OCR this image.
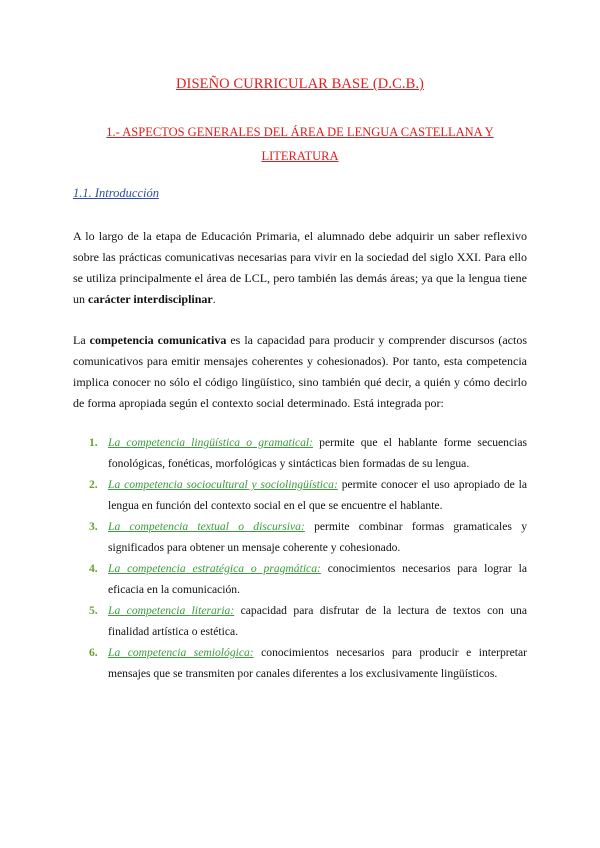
DISEÑO CURRICULAR BASE (D.C.B.)
1.- ASPECTOS GENERALES DEL ÁREA DE LENGUA CASTELLANA Y LITERATURA
1.1. Introducción

A lo largo de la etapa de Educación Primaria, el alumnado debe adquirir un saber reflexivo sobre las prácticas comunicativas necesarias para vivir en la sociedad del siglo XXI. Para ello se utiliza principalmente el área de LCL, pero también las demás áreas; ya que la lengua tiene un carácter interdisciplinar.

La competencia comunicativa es la capacidad para producir y comprender discursos (actos comunicativos para emitir mensajes coherentes y cohesionados). Por tanto, esta competencia implica conocer no sólo el código lingüístico, sino también qué decir, a quién y cómo decirlo de forma apropiada según el contexto social determinado. Está integrada por:

1. La competencia lingüística o gramatical: permite que el hablante forme secuencias fonológicas, fonéticas, morfológicas y sintácticas bien formadas de su lengua.
2. La competencia sociocultural y sociolingüística: permite conocer el uso apropiado de la lengua en función del contexto social en el que se encuentre el hablante.
3. La competencia textual o discursiva: permite combinar formas gramaticales y significados para obtener un mensaje coherente y cohesionado.
4. La competencia estratégica o pragmática: conocimientos necesarios para lograr la eficacia en la comunicación.
5. La competencia literaria: capacidad para disfrutar de la lectura de textos con una finalidad artística o estética.
6. La competencia semiológica: conocimientos necesarios para producir e interpretar mensajes que se transmiten por canales diferentes a los exclusivamente lingüísticos.
